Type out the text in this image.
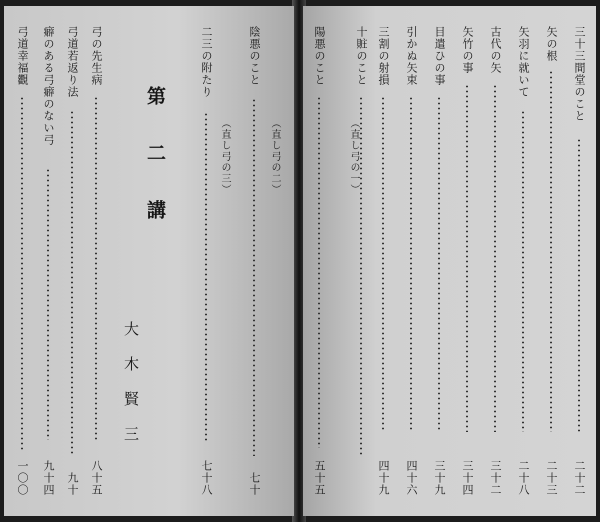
三十三間堂のこと
二十二
矢の根
二十三
矢羽に就いて
二十八
古代の矢
三十二
矢竹の事
三十四
目遣ひの事
三十九
引かぬ矢束
四十六
三割の射損
四十九
十賍のこと
（直し弓の一）
陽悪のこと
五十五
陰悪のこと
七十
（直し弓の二）
二三の附たり
七十八
（直し弓の三）
第二講
大木賢三
弓の先生病
八十五
弓道若返り法
九十
癖のある弓癖のない弓
九十四
弓道幸福觀
一〇〇
